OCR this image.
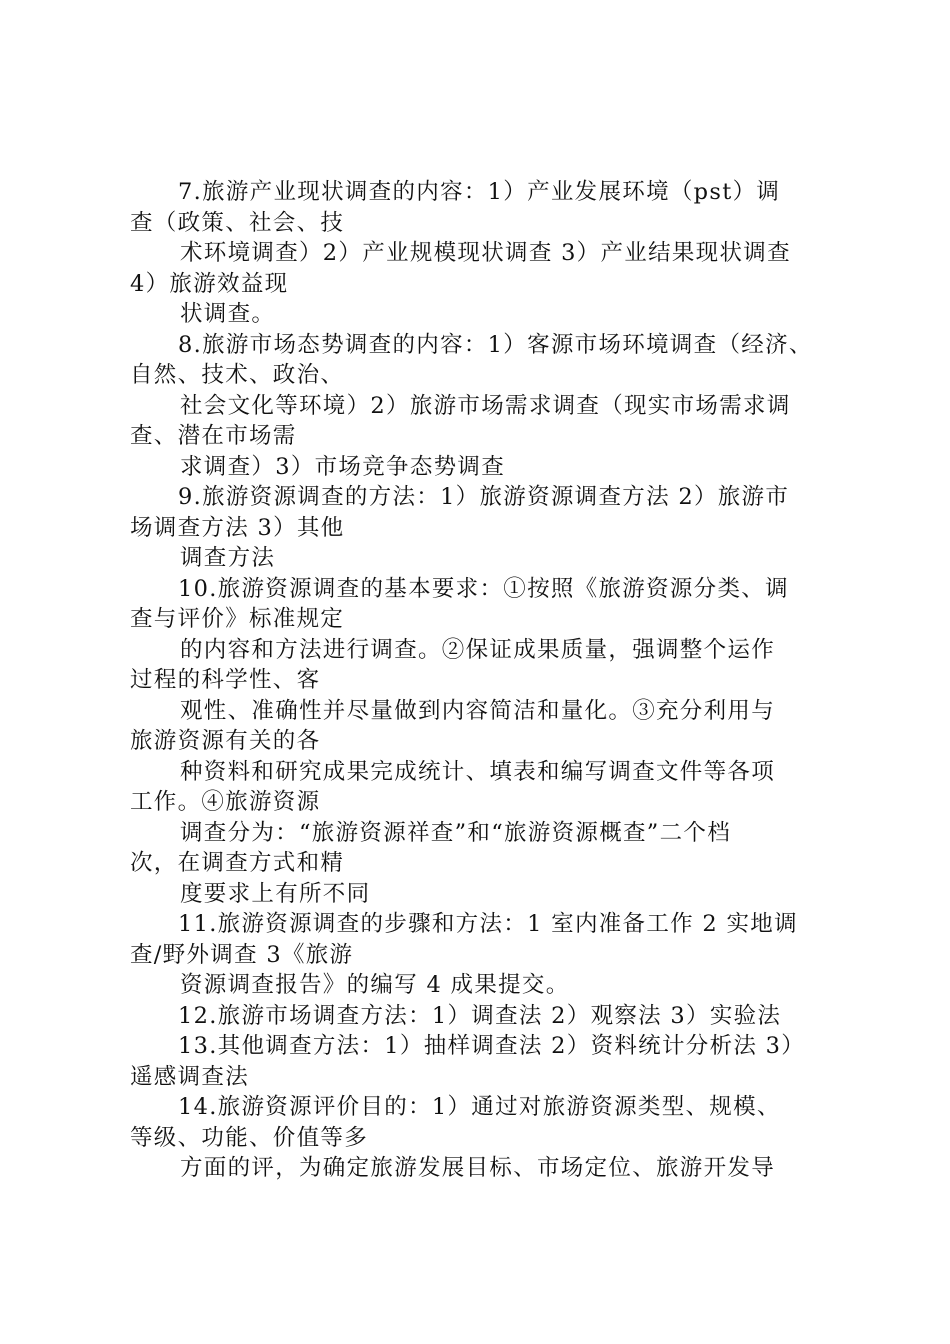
7.旅游产业现状调查的内容：1）产业发展环境（pst）调
查（政策、社会、技
术环境调查）2）产业规模现状调查 3）产业结果现状调查
4）旅游效益现
状调查。
8.旅游市场态势调查的内容：1）客源市场环境调查（经济、
自然、技术、政治、
社会文化等环境）2）旅游市场需求调查（现实市场需求调
查、潜在市场需
求调查）3）市场竞争态势调查
9.旅游资源调查的方法：1）旅游资源调查方法 2）旅游市
场调查方法 3）其他
调查方法
10.旅游资源调查的基本要求：①按照《旅游资源分类、调
查与评价》标准规定
的内容和方法进行调查。②保证成果质量，强调整个运作
过程的科学性、客
观性、准确性并尽量做到内容简洁和量化。③充分利用与
旅游资源有关的各
种资料和研究成果完成统计、填表和编写调查文件等各项
工作。④旅游资源
调查分为：“旅游资源祥查”和“旅游资源概查”二个档
次，在调查方式和精
度要求上有所不同
11.旅游资源调查的步骤和方法：1 室内准备工作 2 实地调
查/野外调查 3《旅游
资源调查报告》的编写 4 成果提交。
12.旅游市场调查方法：1）调查法 2）观察法 3）实验法
13.其他调查方法：1）抽样调查法 2）资料统计分析法 3）
遥感调查法
14.旅游资源评价目的：1）通过对旅游资源类型、规模、
等级、功能、价值等多
方面的评，为确定旅游发展目标、市场定位、旅游开发导
